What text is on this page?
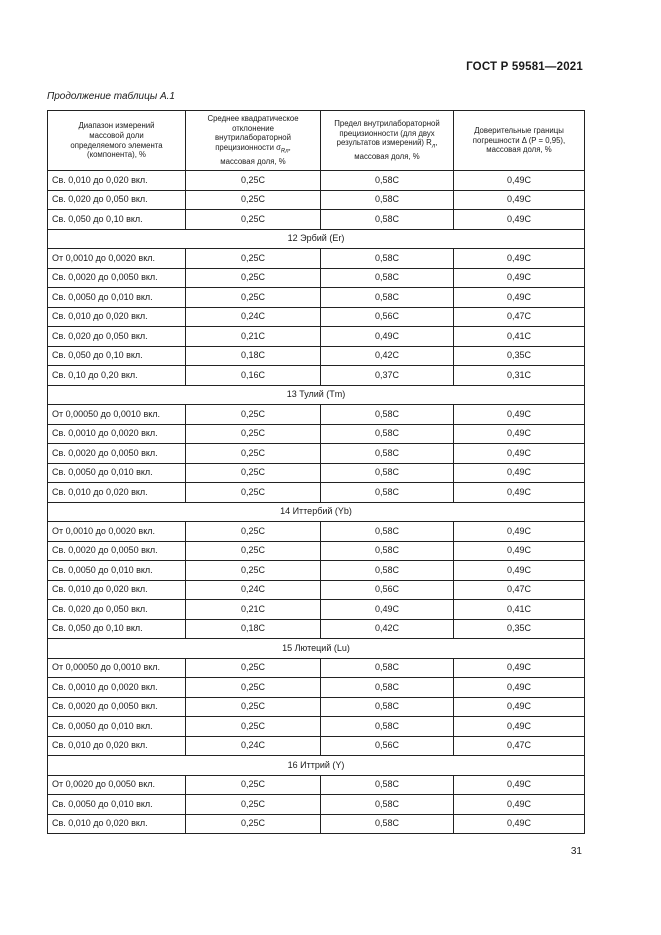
ГОСТ Р 59581—2021
Продолжение таблицы А.1
Диапазон измерений
массовой доли
определяемого элемента
(компонента), %	Среднее квадратическое
отклонение
внутрилабораторной
прецизионности $\sigma_{Rл}$,
массовая доля, %	Предел внутрилабораторной
прецизионности (для двух
результатов измерений) $R_л$,
массовая доля, %	Доверительные границы
погрешности Δ (P = 0,95),
массовая доля, %
Св. 0,010 до 0,020 вкл.	0,25C	0,58C	0,49C
Св. 0,020 до 0,050 вкл.	0,25C	0,58C	0,49C
Св. 0,050 до 0,10 вкл.	0,25C	0,58C	0,49C
12 Эрбий (Er)			
От 0,0010 до 0,0020 вкл.	0,25C	0,58C	0,49C
Св. 0,0020 до 0,0050 вкл.	0,25C	0,58C	0,49C
Св. 0,0050 до 0,010 вкл.	0,25C	0,58C	0,49C
Св. 0,010 до 0,020 вкл.	0,24C	0,56C	0,47C
Св. 0,020 до 0,050 вкл.	0,21C	0,49C	0,41C
Св. 0,050 до 0,10 вкл.	0,18C	0,42C	0,35C
Св. 0,10 до 0,20 вкл.	0,16C	0,37C	0,31C
13 Тулий (Tm)			
От 0,00050 до 0,0010 вкл.	0,25C	0,58C	0,49C
Св. 0,0010 до 0,0020 вкл.	0,25C	0,58C	0,49C
Св. 0,0020 до 0,0050 вкл.	0,25C	0,58C	0,49C
Св. 0,0050 до 0,010 вкл.	0,25C	0,58C	0,49C
Св. 0,010 до 0,020 вкл.	0,25C	0,58C	0,49C
14 Иттербий (Yb)			
От 0,0010 до 0,0020 вкл.	0,25C	0,58C	0,49C
Св. 0,0020 до 0,0050 вкл.	0,25C	0,58C	0,49C
Св. 0,0050 до 0,010 вкл.	0,25C	0,58C	0,49C
Св. 0,010 до 0,020 вкл.	0,24C	0,56C	0,47C
Св. 0,020 до 0,050 вкл.	0,21C	0,49C	0,41C
Св. 0,050 до 0,10 вкл.	0,18C	0,42C	0,35C
15 Лютеций (Lu)			
От 0,00050 до 0,0010 вкл.	0,25C	0,58C	0,49C
Св. 0,0010 до 0,0020 вкл.	0,25C	0,58C	0,49C
Св. 0,0020 до 0,0050 вкл.	0,25C	0,58C	0,49C
Св. 0,0050 до 0,010 вкл.	0,25C	0,58C	0,49C
Св. 0,010 до 0,020 вкл.	0,24C	0,56C	0,47C
16 Иттрий (Y)			
От 0,0020 до 0,0050 вкл.	0,25C	0,58C	0,49C
Св. 0,0050 до 0,010 вкл.	0,25C	0,58C	0,49C
Св. 0,010 до 0,020 вкл.	0,25C	0,58C	0,49C
31
